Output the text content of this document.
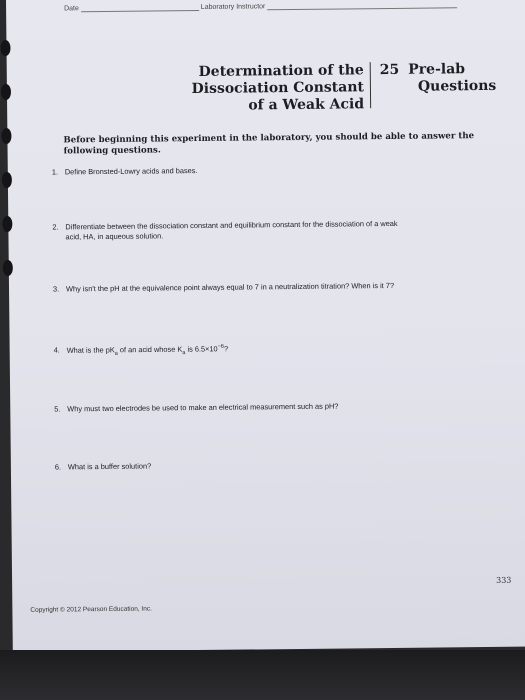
Date	Laboratory Instructor
Determination of the
Dissociation Constant
of a Weak Acid
25 Pre-lab
Questions
Before beginning this experiment in the laboratory, you should be able to answer the following questions.
1. Define Bronsted-Lowry acids and bases.
2. Differentiate between the dissociation constant and equilibrium constant for the dissociation of a weak
acid, HA, in aqueous solution.
3. Why isn't the pH at the equivalence point always equal to 7 in a neutralization titration? When is it 7?
4. What is the $pK_a$ of an acid whose $K_a$ is $6.5\times 10^{-6}$?
5. Why must two electrodes be used to make an electrical measurement such as pH?
6. What is a buffer solution?
333
Copyright © 2012 Pearson Education, Inc.
